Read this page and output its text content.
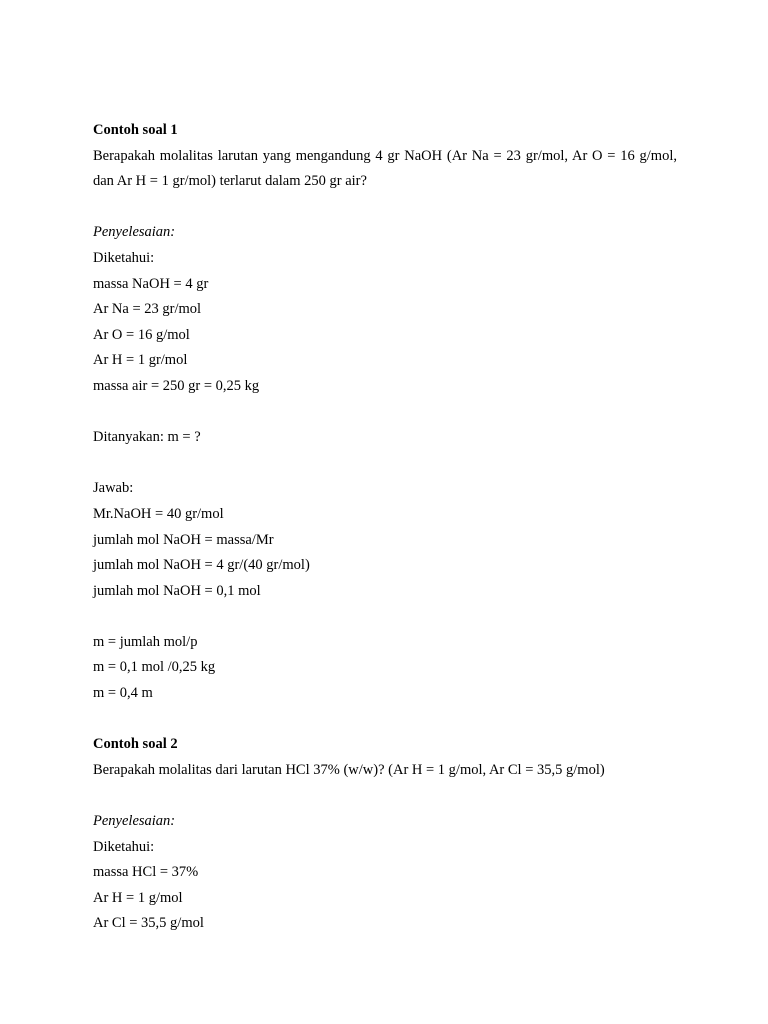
Contoh soal 1
Berapakah molalitas larutan yang mengandung 4 gr NaOH (Ar Na = 23 gr/mol, Ar O = 16 g/mol, dan Ar H = 1 gr/mol) terlarut dalam 250 gr air?
Penyelesaian:
Diketahui:
massa NaOH = 4 gr
Ar Na = 23 gr/mol
Ar O = 16 g/mol
Ar H = 1 gr/mol
massa air = 250 gr = 0,25 kg
Ditanyakan: m = ?
Jawab:
Mr.NaOH = 40 gr/mol
jumlah mol NaOH = massa/Mr
jumlah mol NaOH = 4 gr/(40 gr/mol)
jumlah mol NaOH = 0,1 mol
m = jumlah mol/p
m = 0,1 mol /0,25 kg
m = 0,4 m
Contoh soal 2
Berapakah molalitas dari larutan HCl 37% (w/w)? (Ar H = 1 g/mol, Ar Cl = 35,5 g/mol)
Penyelesaian:
Diketahui:
massa HCl = 37%
Ar H = 1 g/mol
Ar Cl = 35,5 g/mol
